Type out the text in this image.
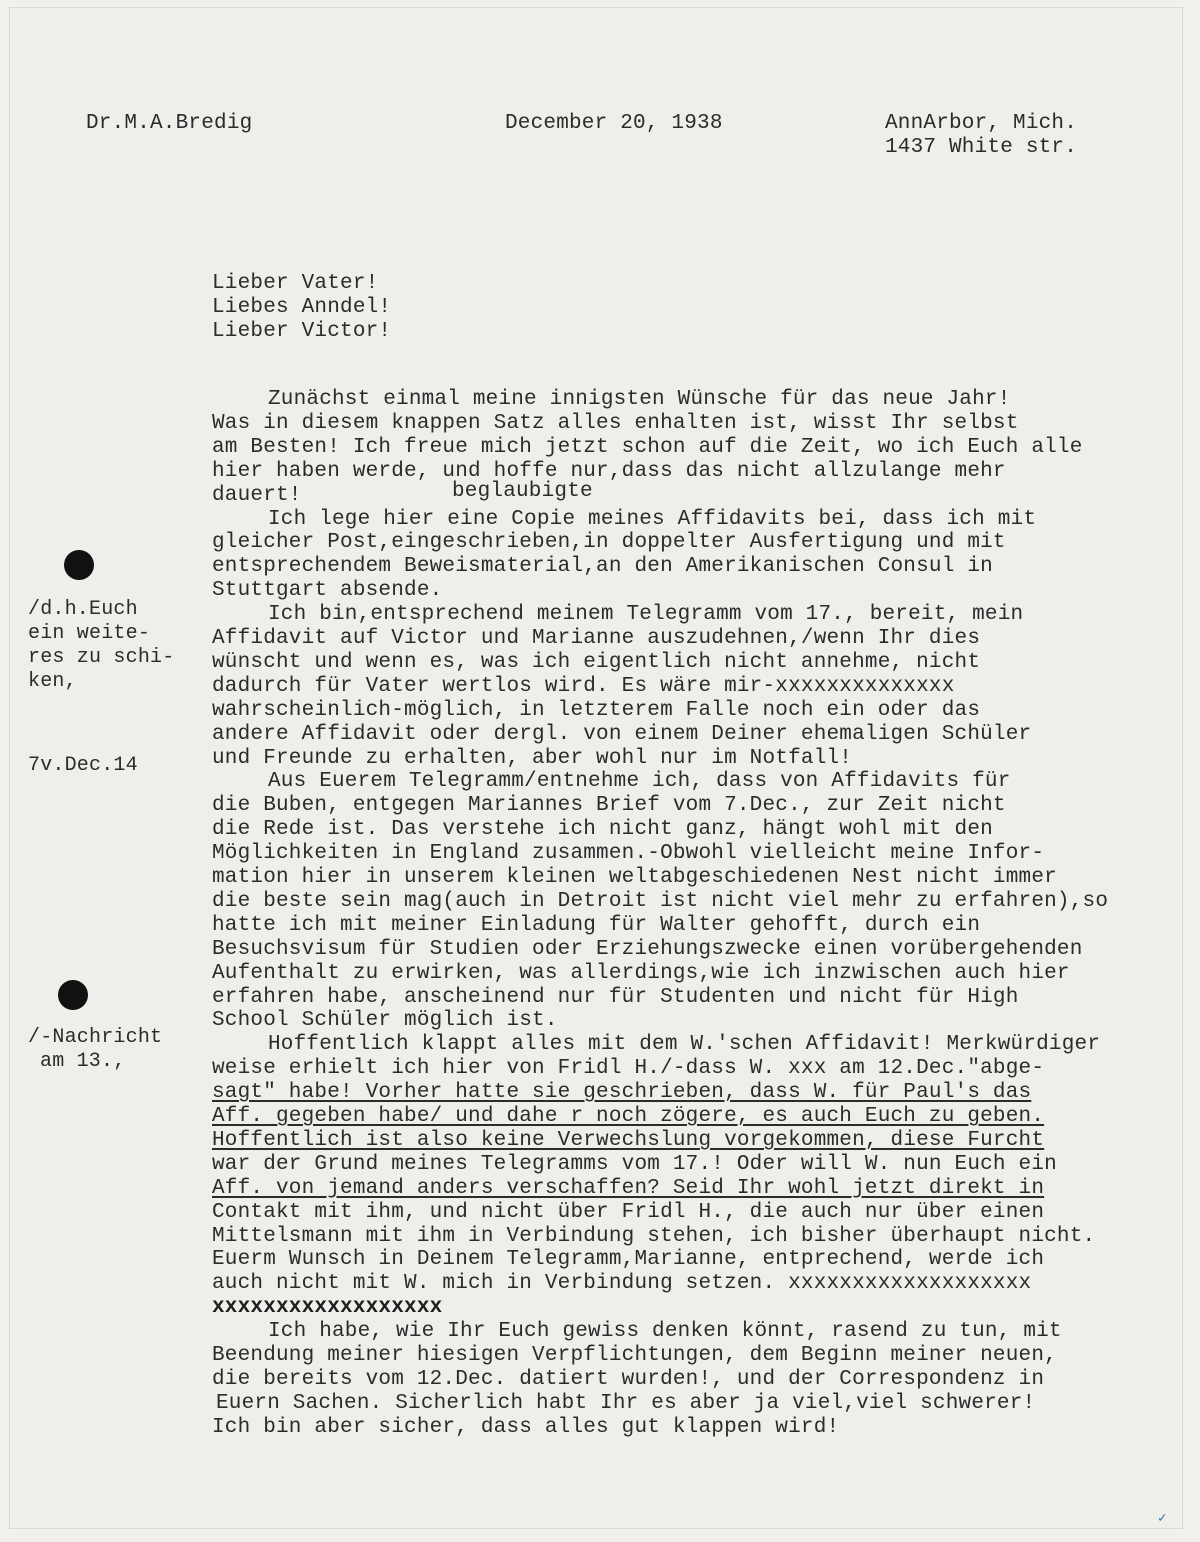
Dr.M.A.Bredig	December 20, 1938	AnnArbor, Mich.
1437 White str.
Lieber Vater!
Liebes Anndel!
Lieber Victor!
/d.h.Euch
ein weite-
res zu schi-
ken,
7v.Dec.14
/-Nachricht
am 13.,
beglaubigte
Zunächst einmal meine innigsten Wünsche für das neue Jahr!
Was in diesem knappen Satz alles enhalten ist, wisst Ihr selbst
am Besten! Ich freue mich jetzt schon auf die Zeit, wo ich Euch alle
hier haben werde, und hoffe nur,dass das nicht allzulange mehr
dauert!
Ich lege hier eine Copie meines Affidavits bei, dass ich mit
gleicher Post,eingeschrieben,in doppelter Ausfertigung und mit
entsprechendem Beweismaterial,an den Amerikanischen Consul in
Stuttgart absende.
Ich bin,entsprechend meinem Telegramm vom 17., bereit, mein
Affidavit auf Victor und Marianne auszudehnen,/wenn Ihr dies
wünscht und wenn es, was ich eigentlich nicht annehme, nicht
dadurch für Vater wertlos wird. Es wäre mir-xxxxxxxxxxxxxx
wahrscheinlich-möglich, in letzterem Falle noch ein oder das
andere Affidavit oder dergl. von einem Deiner ehemaligen Schüler
und Freunde zu erhalten, aber wohl nur im Notfall!
Aus Euerem Telegramm/entnehme ich, dass von Affidavits für
die Buben, entgegen Mariannes Brief vom 7.Dec., zur Zeit nicht
die Rede ist. Das verstehe ich nicht ganz, hängt wohl mit den
Möglichkeiten in England zusammen.-Obwohl vielleicht meine Infor-
mation hier in unserem kleinen weltabgeschiedenen Nest nicht immer
die beste sein mag(auch in Detroit ist nicht viel mehr zu erfahren),so
hatte ich mit meiner Einladung für Walter gehofft, durch ein
Besuchsvisum für Studien oder Erziehungszwecke einen vorübergehenden
Aufenthalt zu erwirken, was allerdings,wie ich inzwischen auch hier
erfahren habe, anscheinend nur für Studenten und nicht für High
School Schüler möglich ist.
Hoffentlich klappt alles mit dem W.'schen Affidavit! Merkwürdiger
weise erhielt ich hier von Fridl H./-dass W. xxx am 12.Dec."abge-
sagt" habe! Vorher hatte sie geschrieben, dass W. für Paul's das
Aff. gegeben habe/ und dahe r noch zögere, es auch Euch zu geben.
Hoffentlich ist also keine Verwechslung vorgekommen, diese Furcht
war der Grund meines Telegramms vom 17.! Oder will W. nun Euch ein
Aff. von jemand anders verschaffen? Seid Ihr wohl jetzt direkt in
Contakt mit ihm, und nicht über Fridl H., die auch nur über einen
Mittelsmann mit ihm in Verbindung stehen, ich bisher überhaupt nicht.
Euerm Wunsch in Deinem Telegramm,Marianne, entprechend, werde ich
auch nicht mit W. mich in Verbindung setzen. xxxxxxxxxxxxxxxxxxx
xxxxxxxxxxxxxxxxxx
Ich habe, wie Ihr Euch gewiss denken könnt, rasend zu tun, mit
Beendung meiner hiesigen Verpflichtungen, dem Beginn meiner neuen,
die bereits vom 12.Dec. datiert wurden!, und der Correspondenz in
Euern Sachen. Sicherlich habt Ihr es aber ja viel,viel schwerer!
Ich bin aber sicher, dass alles gut klappen wird!
✓
